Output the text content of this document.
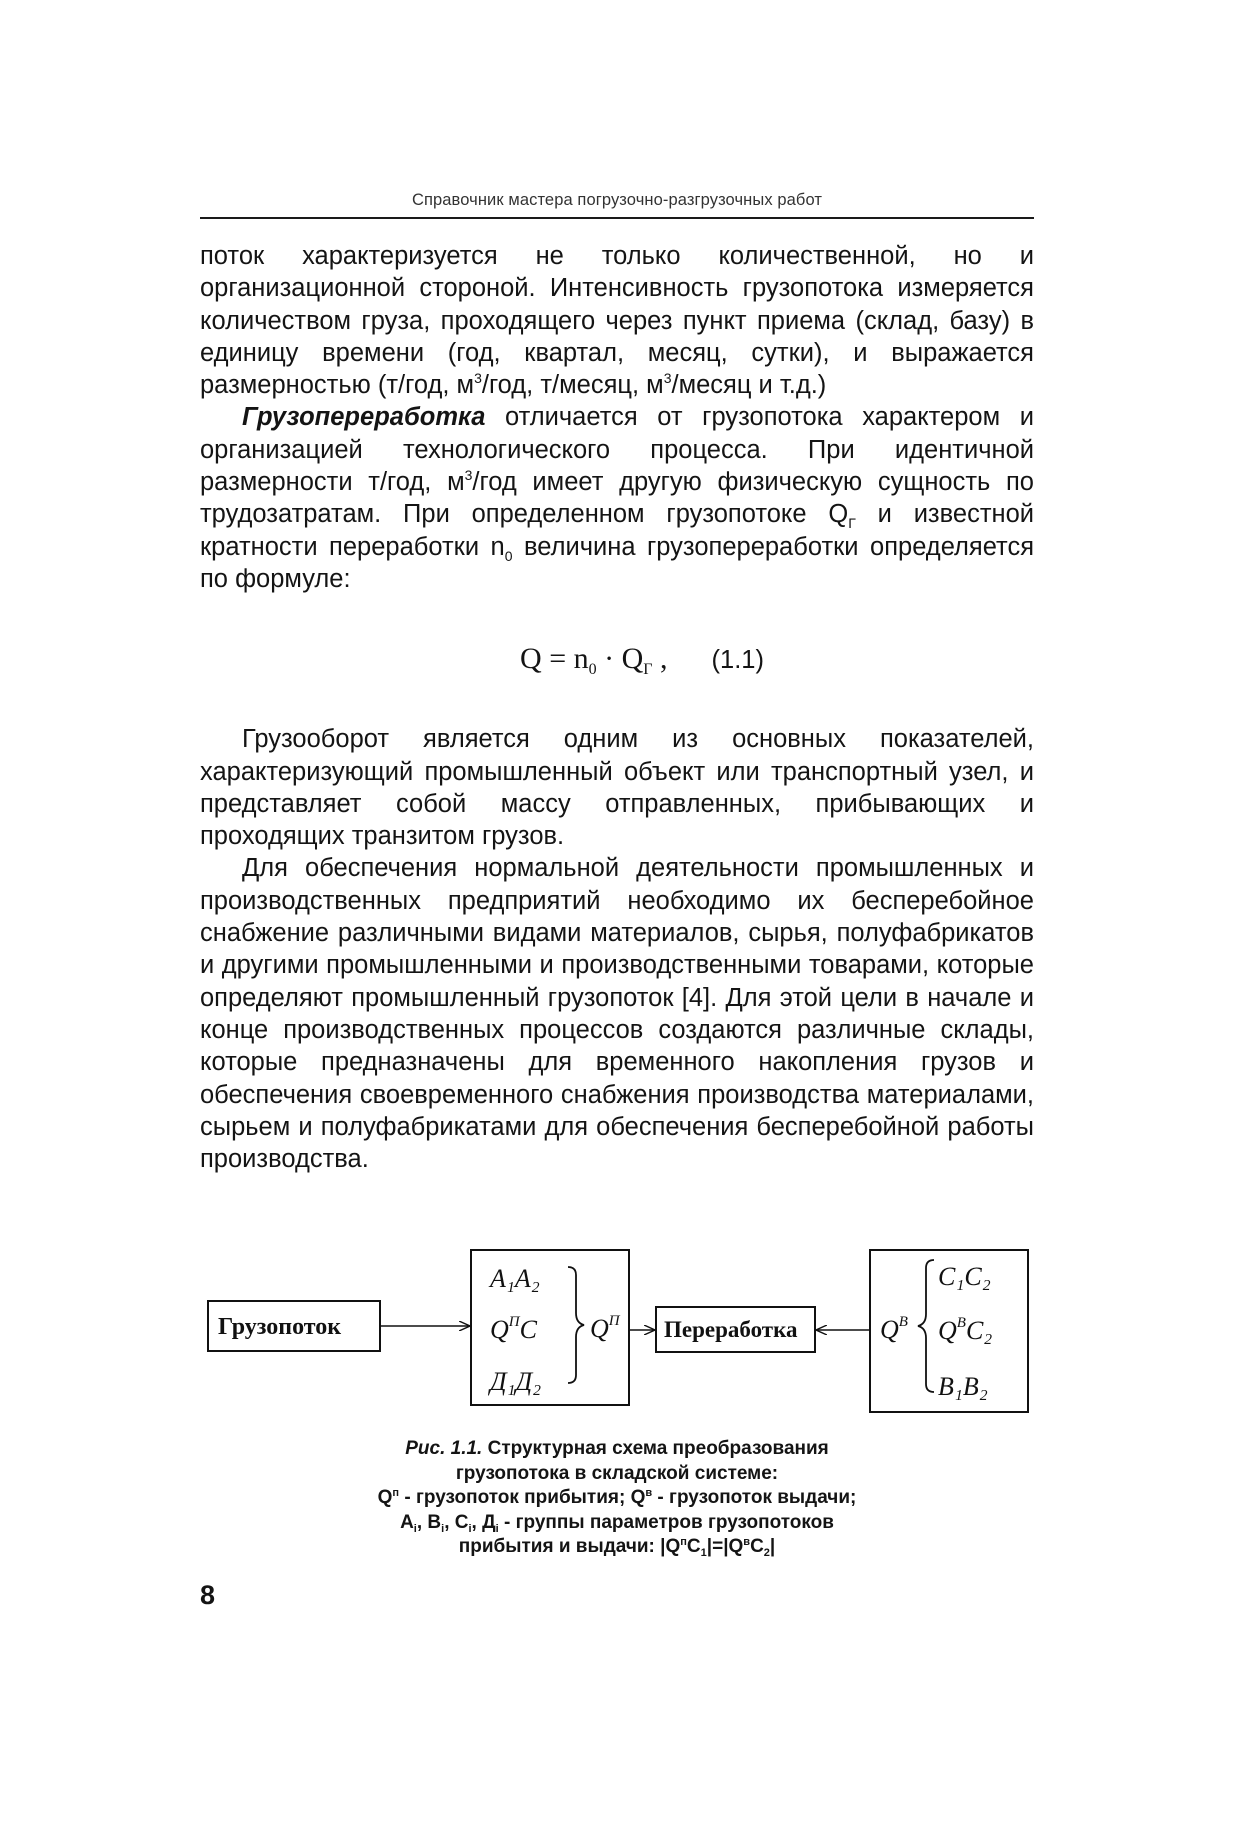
Справочник мастера погрузочно-разгрузочных работ

поток характеризуется не только количественной, но и организационной стороной. Интенсивность грузопотока измеряется количеством груза, проходящего через пункт приема (склад, базу) в единицу времени (год, квартал, месяц, сутки), и выражается размерностью (т/год, $м^3$/год, т/месяц, $м^3$/месяц и т.д.)

Грузопереработка отличается от грузопотока характером и организацией технологического процесса. При идентичной размерности т/год, $м^3$/год имеет другую физическую сущность по трудозатратам. При определенном грузопотоке $Q_Г$ и известной кратности переработки $n_0$ величина грузопереработки определяется по формуле:

$Q = n_0 \cdot Q_Г$ , (1.1)

Грузооборот является одним из основных показателей, характеризующий промышленный объект или транспортный узел, и представляет собой массу отправленных, прибывающих и проходящих транзитом грузов.

Для обеспечения нормальной деятельности промышленных и производственных предприятий необходимо их бесперебойное снабжение различными видами материалов, сырья, полуфабрикатов и другими промышленными и производственными товарами, которые определяют промышленный грузопоток [4]. Для этой цели в начале и конце производственных процессов создаются различные склады, которые предназначены для временного накопления грузов и обеспечения своевременного снабжения производства материалами, сырьем и полуфабрикатами для обеспечения бесперебойной работы производства.

Грузопоток
A₁A₂
$Q^ПC$
Д₁Д₂
$Q^П$ Переработка	$Q^В$
C₁C₂
$Q^ВC_2$
B₁B₂
Рис. 1.1. Структурная схема преобразования
грузопотока в складской системе:
$Q^п$ - грузопоток прибытия; $Q^в$ - грузопоток выдачи;
$А_i$, $В_i$, $С_i$, $Д_i$ - группы параметров грузопотоков
прибытия и выдачи: $|Q^пC_1|=|Q^вC_2|$
8
